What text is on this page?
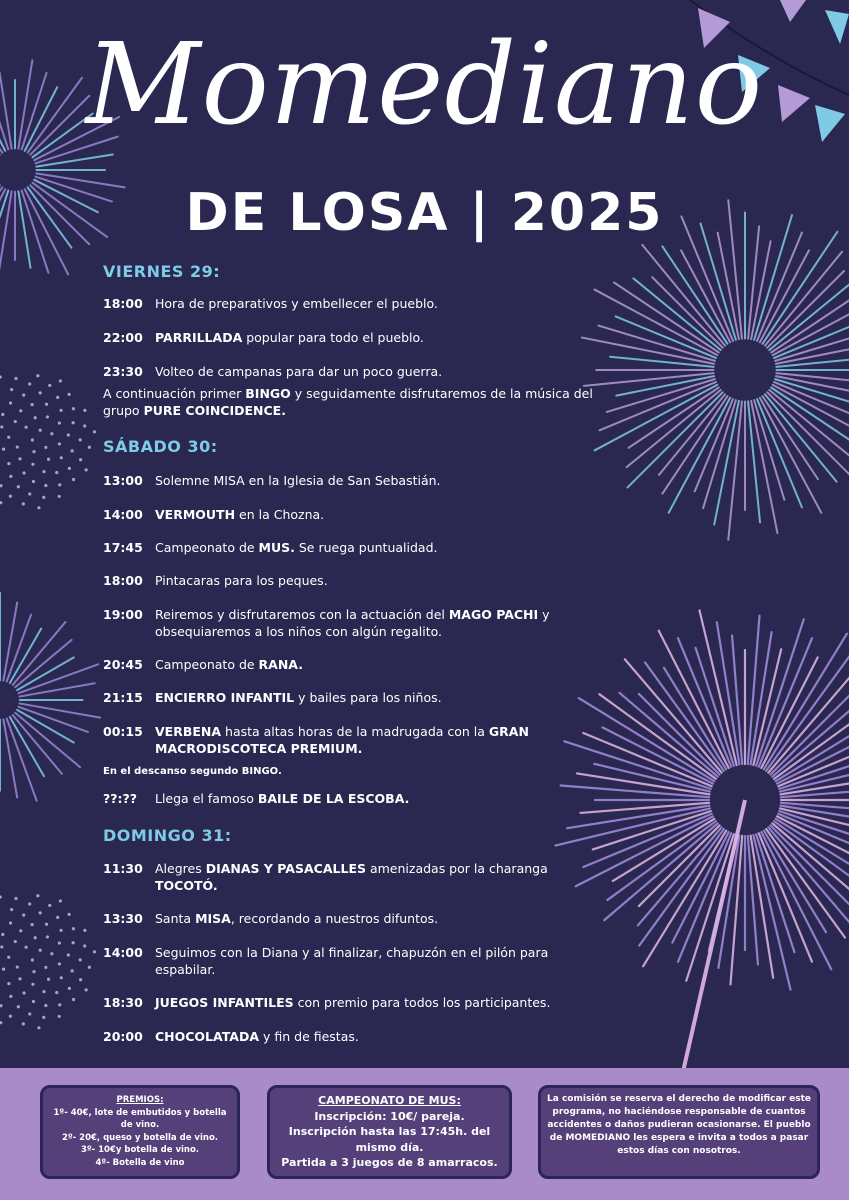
Momediano
DE LOSA | 2025
VIERNES 29:
18:00 Hora de preparativos y embellecer el pueblo.
22:00 PARRILLADA popular para todo el pueblo.
23:30 Volteo de campanas para dar un poco guerra.
A continuación primer BINGO y seguidamente disfrutaremos de la música del grupo PURE COINCIDENCE.
SÁBADO 30:
13:00 Solemne MISA en la Iglesia de San Sebastián.
14:00 VERMOUTH en la Chozna.
17:45 Campeonato de MUS. Se ruega puntualidad.
18:00 Pintacaras para los peques.
19:00 Reiremos y disfrutaremos con la actuación del MAGO PACHI y obsequiaremos a los niños con algún regalito.
20:45 Campeonato de RANA.
21:15 ENCIERRO INFANTIL y bailes para los niños.
00:15 VERBENA hasta altas horas de la madrugada con la GRAN MACRODISCOTECA PREMIUM.
En el descanso segundo BINGO.
??:??	Llega el famoso BAILE DE LA ESCOBA.
DOMINGO 31:
11:30 Alegres DIANAS Y PASACALLES amenizadas por la charanga TOCOTÓ.
13:30 Santa MISA, recordando a nuestros difuntos.
14:00 Seguimos con la Diana y al finalizar, chapuzón en el pilón para espabilar.
18:30 JUEGOS INFANTILES con premio para todos los participantes.
20:00 CHOCOLATADA y fin de fiestas.
PREMIOS:
1º- 40€, lote de embutidos y botella de vino.
2º- 20€, queso y botella de vino.
3º- 10€y botella de vino.
4º- Botella de vino
CAMPEONATO DE MUS:
Inscripción: 10€/ pareja.
Inscripción hasta las 17:45h. del mismo día.
Partida a 3 juegos de 8 amarracos.
La comisión se reserva el derecho de modificar este programa, no haciéndose responsable de cuantos accidentes o daños pudieran ocasionarse. El pueblo de MOMEDIANO les espera e invita a todos a pasar estos días con nosotros.
